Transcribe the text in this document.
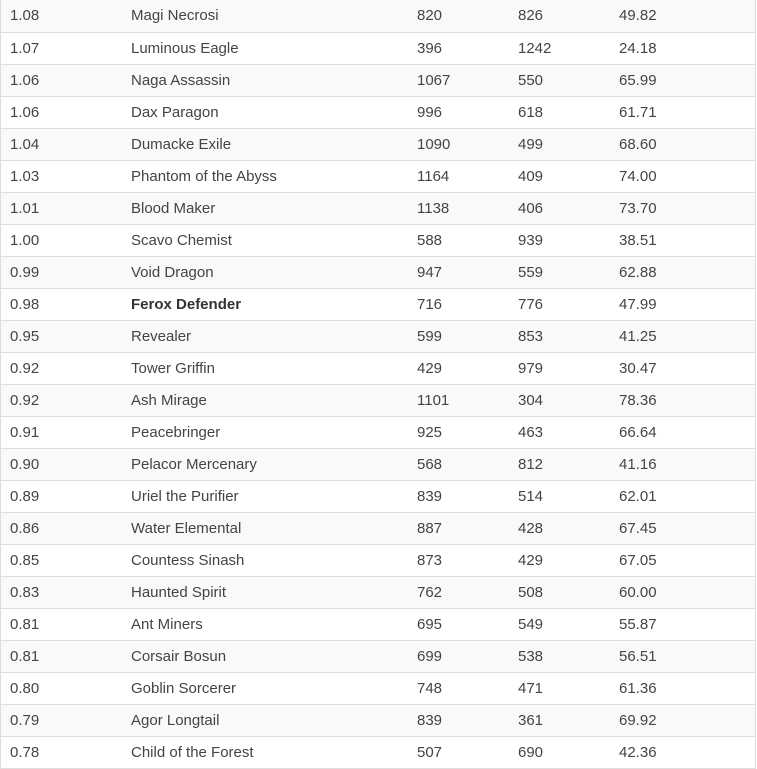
1.08	Magi Necrosi	820	826	49.82
1.07	Luminous Eagle	396	1242	24.18
1.06	Naga Assassin	1067	550	65.99
1.06	Dax Paragon	996	618	61.71
1.04	Dumacke Exile	1090	499	68.60
1.03	Phantom of the Abyss	1164	409	74.00
1.01	Blood Maker	1138	406	73.70
1.00	Scavo Chemist	588	939	38.51
0.99	Void Dragon	947	559	62.88
0.98	Ferox Defender	716	776	47.99
0.95	Revealer	599	853	41.25
0.92	Tower Griffin	429	979	30.47
0.92	Ash Mirage	1101	304	78.36
0.91	Peacebringer	925	463	66.64
0.90	Pelacor Mercenary	568	812	41.16
0.89	Uriel the Purifier	839	514	62.01
0.86	Water Elemental	887	428	67.45
0.85	Countess Sinash	873	429	67.05
0.83	Haunted Spirit	762	508	60.00
0.81	Ant Miners	695	549	55.87
0.81	Corsair Bosun	699	538	56.51
0.80	Goblin Sorcerer	748	471	61.36
0.79	Agor Longtail	839	361	69.92
0.78	Child of the Forest	507	690	42.36
